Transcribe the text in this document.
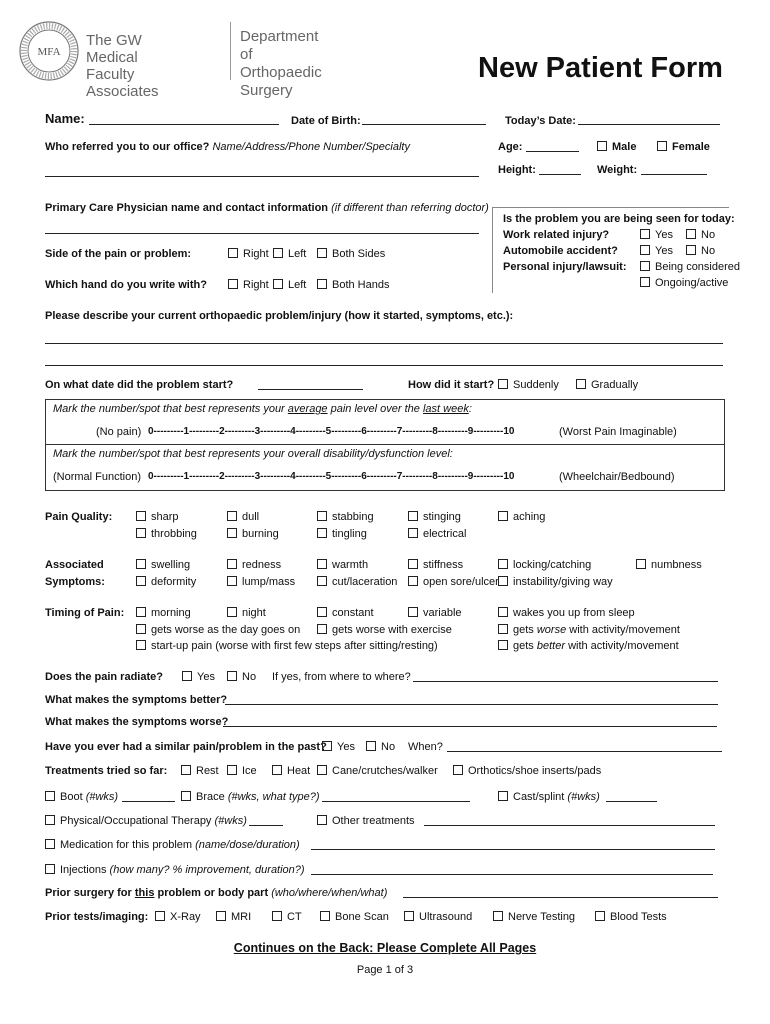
MFA
The GW Medical
Faculty Associates
Department of
Orthopaedic Surgery
New Patient Form
Name:	Date of Birth:	Today’s Date:
Who referred you to our office? Name/Address/Phone Number/Specialty	Age:	Male	Female
Height:	Weight:
Primary Care Physician name and contact information (if different than referring doctor)
Is the problem you are being seen for today:
Work related injury?	Yes	No
Automobile accident?	Yes	No
Personal injury/lawsuit:	Being considered
Ongoing/active
Side of the pain or problem:	Right	Left	Both Sides
Which hand do you write with?	Right	Left	Both Hands
Please describe your current orthopaedic problem/injury (how it started, symptoms, etc.):
On what date did the problem start?	How did it start?	Suddenly	Gradually
Mark the number/spot that best represents your average pain level over the last week:
(No pain) 0---------1---------2---------3---------4---------5---------6---------7---------8---------9---------10	(Worst Pain Imaginable)
Mark the number/spot that best represents your overall disability/dysfunction level:
(Normal Function) 0---------1---------2---------3---------4---------5---------6---------7---------8---------9---------10	(Wheelchair/Bedbound)
Pain Quality:	sharp	dull	stabbing	stinging	aching
throbbing	burning	tingling	electrical
Associated
Symptoms:
swelling	redness	warmth	stiffness	locking/catching	numbness
deformity	lump/mass	cut/laceration	open sore/ulcer	instability/giving way
Timing of Pain:	morning	night	constant	variable	wakes you up from sleep
gets worse as the day goes on	gets worse with exercise	gets worse with activity/movement
start-up pain (worse with first few steps after sitting/resting)	gets better with activity/movement
Does the pain radiate?	Yes	No If yes, from where to where?
What makes the symptoms better?
What makes the symptoms worse?
Have you ever had a similar pain/problem in the past? Yes	No When?
Treatments tried so far:	Rest	Ice	Heat	Cane/crutches/walker	Orthotics/shoe inserts/pads
Boot (#wks)	Brace (#wks, what type?)	Cast/splint (#wks)
Physical/Occupational Therapy (#wks)	Other treatments
Medication for this problem (name/dose/duration)
Injections (how many? % improvement, duration?)
Prior surgery for this problem or body part (who/where/when/what)
Prior tests/imaging:	X-Ray	MRI	CT	Bone Scan	Ultrasound	Nerve Testing	Blood Tests
Continues on the Back: Please Complete All Pages
Page 1 of 3
